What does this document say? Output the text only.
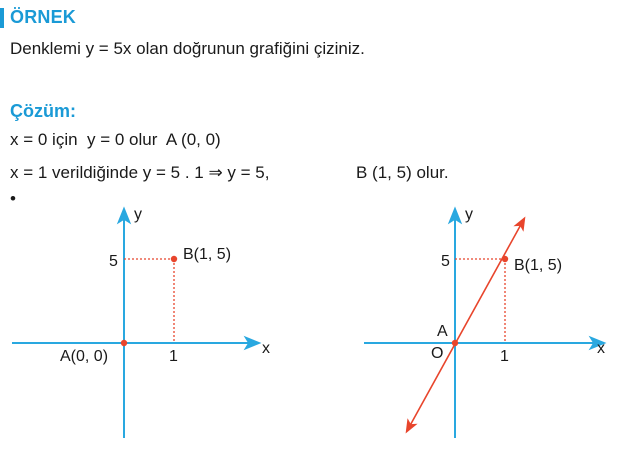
ÖRNEK
Denklemi y = 5x olan doğrunun grafiğini çiziniz.
Çözüm:
x = 0 için  y = 0 olur  A (0, 0)
x = 1 verildiğinde y = 5 . 1 ⇒ y = 5,	B (1, 5) olur.
•
y
x
5
1
B(1, 5)
A(0, 0)
y
x
5
1
B(1, 5)
A
O
